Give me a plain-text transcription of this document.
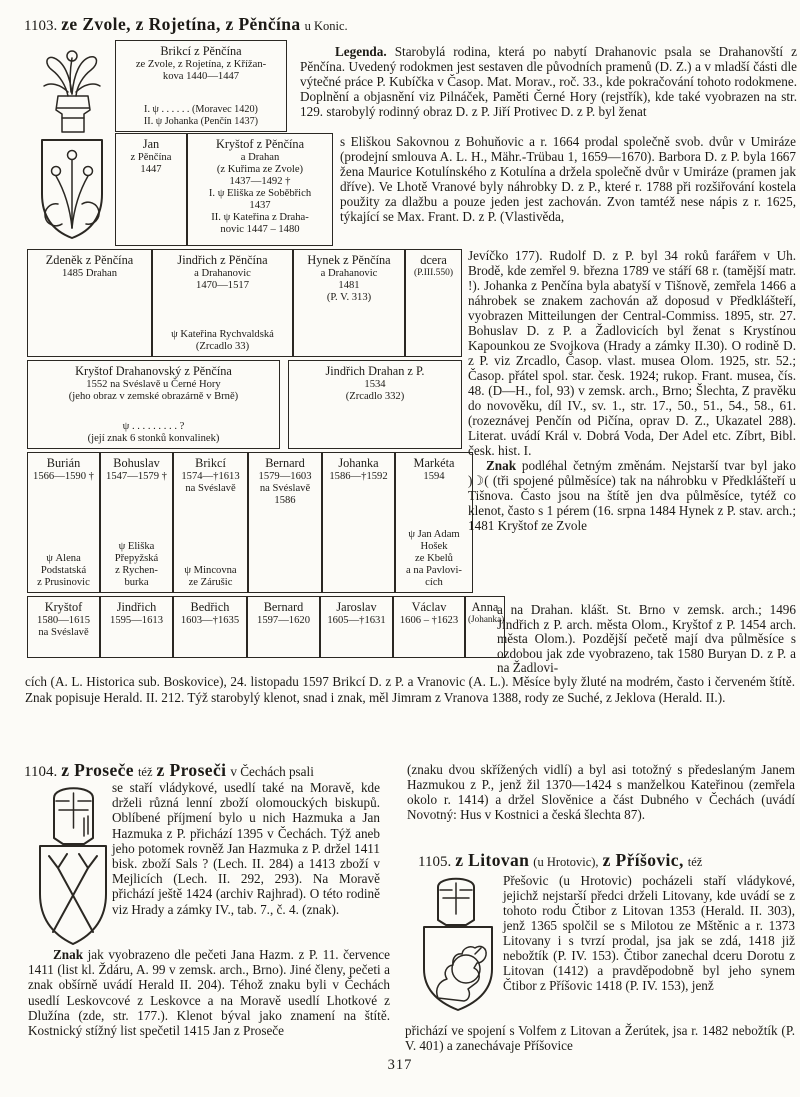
1103. ze Zvole, z Rojetína, z Pěnčína u Konic.
Brikcí z Pěnčína
ze Zvole, z Rojetína, z Křížan-
kova 1440—1447
I. ψ . . . . . . (Moravec 1420)
II. ψ Johanka (Penčín 1437)
Jan
z Pěnčína
1447
Kryštof z Pěnčína
a Drahan
(z Kuřima ze Zvole)
1437—1492 †
I. ψ Eliška ze Soběbřich
1437
II. ψ Kateřina z Draha-
novic 1447 – 1480
Zdeněk z Pěnčína
1485 Drahan
Jindřich z Pěnčína
a Drahanovic
1470—1517
ψ Kateřina Rychvaldská
(Zrcadlo 33)
Hynek z Pěnčína
a Drahanovic
1481
(P. V. 313)
dcera
(P.III.550)
Kryštof Drahanovský z Pěnčína
1552 na Svéslavě u Černé Hory
(jeho obraz v zemské obrazárně v Brně)
ψ . . . . . . . . . ?
(její znak 6 stonků konvalinek)
Jindřich Drahan z P.
1534
(Zrcadlo 332)
Burián
1566—1590 †
ψ Alena
Podstatská
z Prusinovic
Bohuslav
1547—1579 †
ψ Eliška
Přepyžská
z Rychen-
burka
Brikcí
1574—†1613
na Svéslavě
ψ Mincovna
ze Zárušic
Bernard
1579—1603
na Svéslavě
1586
Johanka
1586—†1592
Markéta
1594
ψ Jan Adam
Hošek
ze Kbelů
a na Pavlovi-
cích
Kryštof
1580—1615
na Svéslavě
Jindřich
1595—1613
Bedřich
1603—†1635
Bernard
1597—1620
Jaroslav
1605—†1631
Václav
1606 – †1623
Anna
(Johanka)
Legenda. Starobylá rodina, která po nabytí Drahanovic psala se Drahanovští z Pěnčína. Uvedený rodokmen jest sestaven dle původních pramenů (D. Z.) a v mladší části dle výtečné práce P. Kubíčka v Časop. Mat. Morav., roč. 33., kde pokračování tohoto rodokmene. Doplnění a objasnění viz Pilnáček, Paměti Černé Hory (rejstřík), kde také vyobrazen na str. 129. starobylý rodinný obraz D. z P. Jiří Protivec D. z P. byl ženat
s Eliškou Sakovnou z Bohuňovic a r. 1664 prodal společně svob. dvůr v Umiráze (prodejní smlouva A. L. H., Mähr.-Trübau 1, 1659—1670). Barbora D. z P. byla 1667 žena Maurice Kotulínského z Kotulína a držela společně dvůr v Umiráze (pramen jak dříve). Ve Lhotě Vranové byly náhrobky D. z P., které r. 1788 při rozšiřování kostela použity za dlažbu a pouze jeden jest zachován. Zvon tamtéž nese nápis z r. 1625, týkající se Max. Frant. D. z P. (Vlastivěda,
Jevíčko 177). Rudolf D. z P. byl 34 roků farářem v Uh. Brodě, kde zemřel 9. března 1789 ve stáří 68 r. (tamější matr. !). Johanka z Penčína byla abatyší v Tišnově, zemřela 1466 a náhrobek se znakem zachován až doposud v Předklášteří, vyobrazen Mitteilungen der Central-Commiss. 1895, str. 27. Bohuslav D. z P. a Žadlovicích byl ženat s Krystínou Kapounkou ze Svojkova (Hrady a zámky II.30). O rodině D. z P. viz Zrcadlo, Časop. vlast. musea Olom. 1925, str. 52.; Časop. přátel spol. star. česk. 1924; rukop. Frant. musea, čís. 48. (D—H., fol, 93) v zemsk. arch., Brno; Šlechta, Z pravěku do novověku, díl IV., sv. 1., str. 17., 50., 51., 54., 58., 61. (rozeznávej Penčín od Pičína, oprav D. Z., Ukazatel 288). Literat. uvádí Král v. Dobrá Voda, Der Adel etc. Zíbrt, Bibl. česk. hist. I.
Znak podléhal četným změnám. Nejstarší tvar byl jako )☽( (tři spojené půlměsíce) tak na náhrobku v Předklášteří u Tišnova. Často jsou na štítě jen dva půlměsíce, tytéž co klenot, často s 1 pérem (16. srpna 1484 Hynek z P. stav. arch.; 1481 Kryštof ze Zvole
a na Drahan. klášt. St. Brno v zemsk. arch.; 1496 Jindřich z P. arch. města Olom., Kryštof z P. 1454 arch. města Olom.). Pozdější pečetě mají dva půlměsíce s ozdobou jak zde vyobrazeno, tak 1580 Buryan D. z P. a na Žadlovi-
cích (A. L. Historica sub. Boskovice), 24. listopadu 1597 Brikcí D. z P. a Vranovic (A. L.). Měsíce byly žluté na modrém, často i červeném štítě. Znak popisuje Herald. II. 212. Týž starobylý klenot, snad i znak, měl Jimram z Vranova 1388, rody ze Suché, z Jeklova (Herald. II.).
1104. z Proseče též z Proseči v Čechách psali
se staří vládykové, usedlí také na Moravě, kde drželi různá lenní zboží olomouckých biskupů. Oblíbené příjmení bylo u nich Hazmuka a Jan Hazmuka z P. přichází 1395 v Čechách. Týž aneb jeho potomek rovněž Jan Hazmuka z P. držel 1411 bisk. zboží Sals ? (Lech. II. 284) a 1413 zboží v Mejlicích (Lech. II. 292, 293). Na Moravě přichází ještě 1424 (archiv Rajhrad). O této rodině viz Hrady a zámky IV., tab. 7., č. 4. (znak).
Znak jak vyobrazeno dle pečeti Jana Hazm. z P. 11. července 1411 (list kl. Ždáru, A. 99 v zemsk. arch., Brno). Jiné členy, pečeti a znak obšírně uvádí Herald II. 204). Téhož znaku byli v Čechách usedlí Leskovcové z Leskovce a na Moravě usedlí Lhotkové z Dlužína (zde, str. 177.). Klenot býval jako znamení na štítě. Kostnický stížný list spečetil 1415 Jan z Proseče
(znaku dvou skřížených vidlí) a byl asi totožný s předeslaným Janem Hazmukou z P., jenž žil 1370—1424 s manželkou Kateřinou (zemřela okolo r. 1414) a držel Slověnice a část Dubného v Čechách (uvádí Novotný: Hus v Kostnici a česká šlechta 87).
1105. z Litovan (u Hrotovic), z Příšovic, též
Přešovic (u Hrotovic) pocházeli staří vládykové, jejichž nejstarší předci drželi Litovany, kde uvádí se z tohoto rodu Čtibor z Litovan 1353 (Herald. II. 303), jenž 1365 spolčil se s Milotou ze Mštěnic a r. 1373 Litovany i s tvrzí prodal, jsa jak se zdá, 1418 již nebožtík (P. IV. 153). Čtibor zanechal dceru Dorotu z Litovan (1412) a pravděpodobně byl jeho synem Čtibor z Příšovic 1418 (P. IV. 153), jenž
přichází ve spojení s Volfem z Litovan a Žerútek, jsa r. 1482 nebožtík (P. V. 401) a zanechávaje Příšovice
317
